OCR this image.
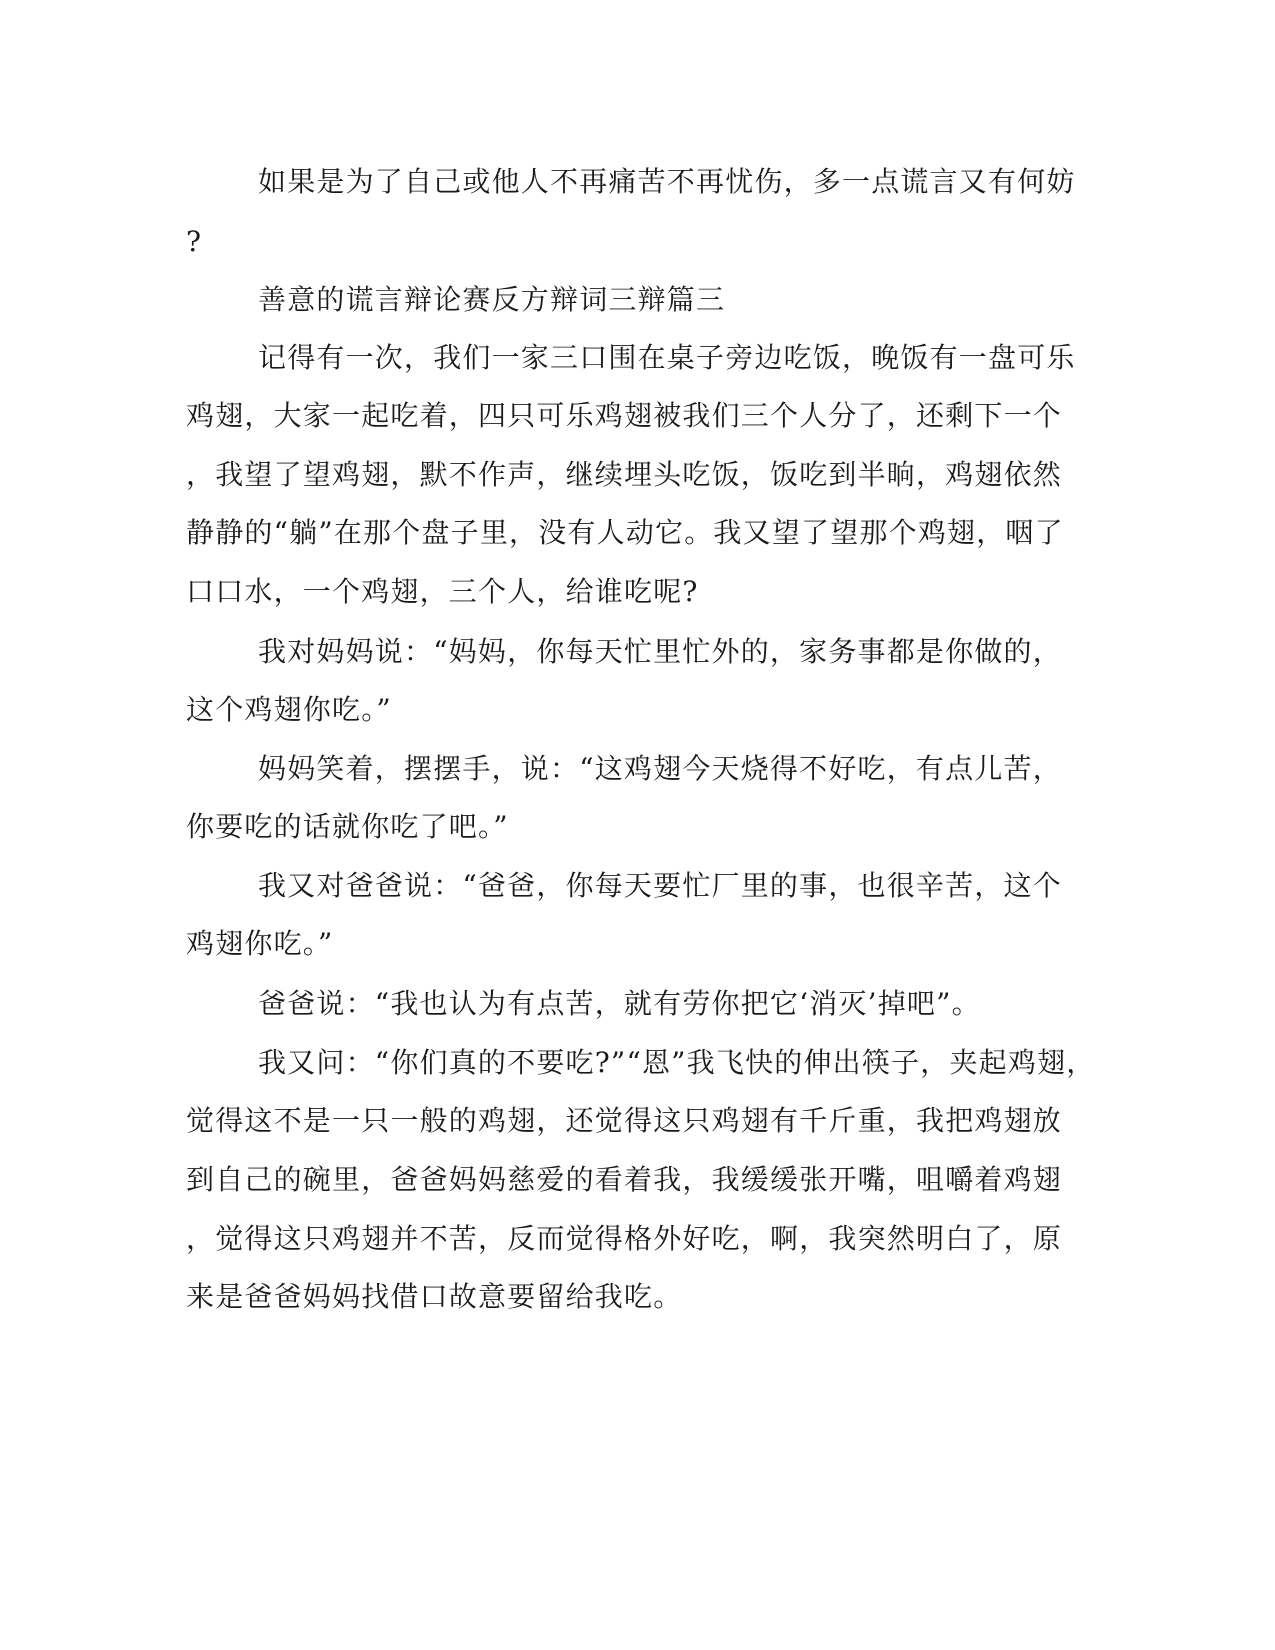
如果是为了自己或他人不再痛苦不再忧伤，多一点谎言又有何妨
?
善意的谎言辩论赛反方辩词三辩篇三
记得有一次，我们一家三口围在桌子旁边吃饭，晚饭有一盘可乐
鸡翅，大家一起吃着，四只可乐鸡翅被我们三个人分了，还剩下一个
，我望了望鸡翅，默不作声，继续埋头吃饭，饭吃到半晌，鸡翅依然
静静的“躺”在那个盘子里，没有人动它。我又望了望那个鸡翅，咽了
口口水，一个鸡翅，三个人，给谁吃呢?
我对妈妈说：“妈妈，你每天忙里忙外的，家务事都是你做的，
这个鸡翅你吃。”
妈妈笑着，摆摆手，说：“这鸡翅今天烧得不好吃，有点儿苦，
你要吃的话就你吃了吧。”
我又对爸爸说：“爸爸，你每天要忙厂里的事，也很辛苦，这个
鸡翅你吃。”
爸爸说：“我也认为有点苦，就有劳你把它‘消灭’掉吧”。
我又问：“你们真的不要吃?”“恩”我飞快的伸出筷子，夹起鸡翅，
觉得这不是一只一般的鸡翅，还觉得这只鸡翅有千斤重，我把鸡翅放
到自己的碗里，爸爸妈妈慈爱的看着我，我缓缓张开嘴，咀嚼着鸡翅
，觉得这只鸡翅并不苦，反而觉得格外好吃，啊，我突然明白了，原
来是爸爸妈妈找借口故意要留给我吃。
